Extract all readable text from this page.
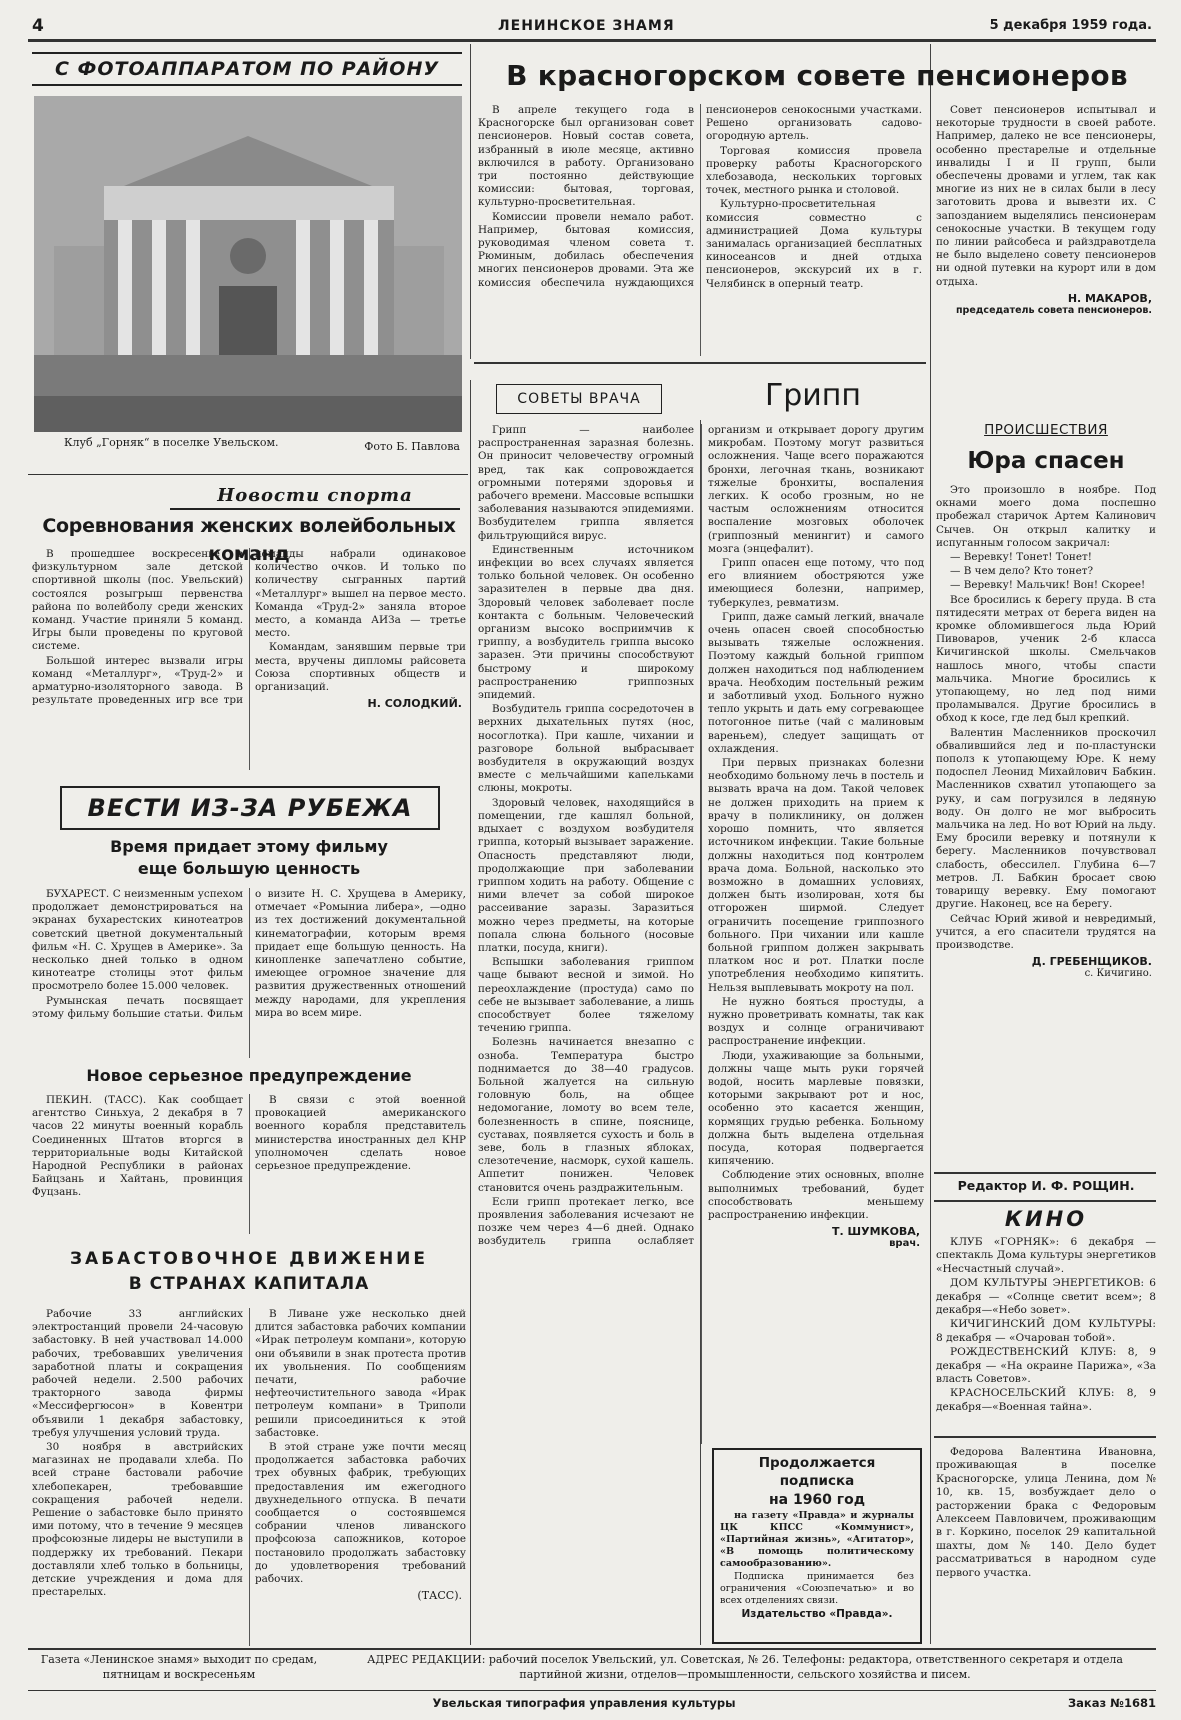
4	ЛЕНИНСКОЕ ЗНАМЯ	5 декабря 1959 года.
С ФОТОАППАРАТОМ ПО РАЙОНУ
Клуб „Горняк“ в поселке Увельском.	Фото Б. Павлова
Новости спорта
Соревнования женских волейбольных команд

В прошедшее воскресенье в физкультурном зале детской спортивной школы (пос. Увельский) состоялся розыгрыш первенства района по волейболу среди женских команд. Участие приняли 5 команд. Игры были проведены по круговой системе.

Большой интерес вызвали игры команд «Металлург», «Труд-2» и арматурно-изоляторного завода. В результате проведенных игр все три команды набрали одинаковое количество очков. И только по количеству сыгранных партий «Металлург» вышел на первое место. Команда «Труд-2» заняла второе место, а команда АИЗа — третье место.

Командам, занявшим первые три места, вручены дипломы райсовета Союза спортивных обществ и организаций.

Н. СОЛОДКИЙ.

ВЕСТИ ИЗ-ЗА РУБЕЖА
Время придает этому фильму еще большую ценность

БУХАРЕСТ. С неизменным успехом продолжает демонстрироваться на экранах бухарестских кинотеатров советский цветной документальный фильм «Н. С. Хрущев в Америке». За несколько дней только в одном кинотеатре столицы этот фильм просмотрело более 15.000 человек.

Румынская печать посвящает этому фильму большие статьи. Фильм о визите Н. С. Хрущева в Америку, отмечает «Ромыниа либера», —одно из тех достижений документальной кинематографии, которым время придает еще большую ценность. На кинопленке запечатлено событие, имеющее огромное значение для развития дружественных отношений между народами, для укрепления мира во всем мире.

Новое серьезное предупреждение

ПЕКИН. (ТАСС). Как сообщает агентство Синьхуа, 2 декабря в 7 часов 22 минуты военный корабль Соединенных Штатов вторгся в территориальные воды Китайской Народной Республики в районах Байцзань и Хайтань, провинция Фуцзань.

В связи с этой военной провокацией американского военного корабля представитель министерства иностранных дел КНР уполномочен сделать новое серьезное предупреждение.

ЗАБАСТОВОЧНОЕ ДВИЖЕНИЕ
В СТРАНАХ КАПИТАЛА

Рабочие 33 английских электростанций провели 24-часовую забастовку. В ней участвовал 14.000 рабочих, требовавших увеличения заработной платы и сокращения рабочей недели. 2.500 рабочих тракторного завода фирмы «Мессифергюсон» в Ковентри объявили 1 декабря забастовку, требуя улучшения условий труда.

30 ноября в австрийских магазинах не продавали хлеба. По всей стране бастовали рабочие хлебопекарен, требовавшие сокращения рабочей недели. Решение о забастовке было принято ими потому, что в течение 9 месяцев профсоюзные лидеры не выступили в поддержку их требований. Пекари доставляли хлеб только в больницы, детские учреждения и дома для престарелых.

В Ливане уже несколько дней длится забастовка рабочих компании «Ирак петролеум компани», которую они объявили в знак протеста против их увольнения. По сообщениям печати, рабочие нефтеочистительного завода «Ирак петролеум компани» в Триполи решили присоединиться к этой забастовке.

В этой стране уже почти месяц продолжается забастовка рабочих трех обувных фабрик, требующих предоставления им ежегодного двухнедельного отпуска. В печати сообщается о состоявшемся собрании членов ливанского профсоюза сапожников, которое постановило продолжать забастовку до удовлетворения требований рабочих.

(ТАСС).

В красногорском совете пенсионеров

В апреле текущего года в Красногорске был организован совет пенсионеров. Новый состав совета, избранный в июле месяце, активно включился в работу. Организовано три постоянно действующие комиссии: бытовая, торговая, культурно-просветительная.

Комиссии провели немало работ. Например, бытовая комиссия, руководимая членом совета т. Рюминым, добилась обеспечения многих пенсионеров дровами. Эта же комиссия обеспечила нуждающихся пенсионеров сенокосными участками. Решено организовать садово-огородную артель.

Торговая комиссия провела проверку работы Красногорского хлебозавода, нескольких торговых точек, местного рынка и столовой.

Культурно-просветительная комиссия совместно с администрацией Дома культуры занималась организацией бесплатных киносеансов и дней отдыха пенсионеров, экскурсий их в г. Челябинск в оперный театр.

Совет пенсионеров испытывал и некоторые трудности в своей работе. Например, далеко не все пенсионеры, особенно престарелые и отдельные инвалиды I и II групп, были обеспечены дровами и углем, так как многие из них не в силах были в лесу заготовить дрова и вывезти их. С запозданием выделялись пенсионерам сенокосные участки. В текущем году по линии райсобеса и райздравотдела не было выделено совету пенсионеров ни одной путевки на курорт или в дом отдыха.

Н. МАКАРОВ,

председатель совета пенсионеров.

СОВЕТЫ ВРАЧА	Грипп

Грипп — наиболее распространенная заразная болезнь. Он приносит человечеству огромный вред, так как сопровождается огромными потерями здоровья и рабочего времени. Массовые вспышки заболевания называются эпидемиями. Возбудителем гриппа является фильтрующийся вирус.

Единственным источником инфекции во всех случаях является только больной человек. Он особенно заразителен в первые два дня. Здоровый человек заболевает после контакта с больным. Человеческий организм высоко восприимчив к гриппу, а возбудитель гриппа высоко заразен. Эти причины способствуют быстрому и широкому распространению гриппозных эпидемий.

Возбудитель гриппа сосредоточен в верхних дыхательных путях (нос, носоглотка). При кашле, чихании и разговоре больной выбрасывает возбудителя в окружающий воздух вместе с мельчайшими капельками слюны, мокроты.

Здоровый человек, находящийся в помещении, где кашлял больной, вдыхает с воздухом возбудителя гриппа, который вызывает заражение. Опасность представляют люди, продолжающие при заболевании гриппом ходить на работу. Общение с ними влечет за собой широкое рассеивание заразы. Заразиться можно через предметы, на которые попала слюна больного (носовые платки, посуда, книги).

Вспышки заболевания гриппом чаще бывают весной и зимой. Но переохлаждение (простуда) само по себе не вызывает заболевание, а лишь способствует более тяжелому течению гриппа.

Болезнь начинается внезапно с озноба. Температура быстро поднимается до 38—40 градусов. Больной жалуется на сильную головную боль, на общее недомогание, ломоту во всем теле, болезненность в спине, пояснице, суставах, появляется сухость и боль в зеве, боль в глазных яблоках, слезотечение, насморк, сухой кашель. Аппетит понижен. Человек становится очень раздражительным.

Если грипп протекает легко, все проявления заболевания исчезают не позже чем через 4—6 дней. Однако возбудитель гриппа ослабляет организм и открывает дорогу другим микробам. Поэтому могут развиться осложнения. Чаще всего поражаются бронхи, легочная ткань, возникают тяжелые бронхиты, воспаления легких. К особо грозным, но не частым осложнениям относится воспаление мозговых оболочек (гриппозный менингит) и самого мозга (энцефалит).

Грипп опасен еще потому, что под его влиянием обостряются уже имеющиеся болезни, например, туберкулез, ревматизм.

Грипп, даже самый легкий, вначале очень опасен своей способностью вызывать тяжелые осложнения. Поэтому каждый больной гриппом должен находиться под наблюдением врача. Необходим постельный режим и заботливый уход. Больного нужно тепло укрыть и дать ему согревающее потогонное питье (чай с малиновым вареньем), следует защищать от охлаждения.

При первых признаках болезни необходимо больному лечь в постель и вызвать врача на дом. Такой человек не должен приходить на прием к врачу в поликлинику, он должен хорошо помнить, что является источником инфекции. Такие больные должны находиться под контролем врача дома. Больной, насколько это возможно в домашних условиях, должен быть изолирован, хотя бы отгорожен ширмой. Следует ограничить посещение гриппозного больного. При чихании или кашле больной гриппом должен закрывать платком нос и рот. Платки после употребления необходимо кипятить. Нельзя выплевывать мокроту на пол.

Не нужно бояться простуды, а нужно проветривать комнаты, так как воздух и солнце ограничивают распространение инфекции.

Люди, ухаживающие за больными, должны чаще мыть руки горячей водой, носить марлевые повязки, которыми закрывают рот и нос, особенно это касается женщин, кормящих грудью ребенка. Больному должна быть выделена отдельная посуда, которая подвергается кипячению.

Соблюдение этих основных, вполне выполнимых требований, будет способствовать меньшему распространению инфекции.

Т. ШУМКОВА,

врач.

Продолжается подписка
на 1960 год

на газету «Правда» и журналы ЦК КПСС «Коммунист», «Партийная жизнь», «Агитатор», «В помощь политическому самообразованию».

Подписка принимается без ограничения «Союзпечатью» и во всех отделениях связи.

Издательство «Правда».
ПРОИСШЕСТВИЯ
Юра спасен

Это произошло в ноябре. Под окнами моего дома поспешно пробежал старичок Артем Калинович Сычев. Он открыл калитку и испуганным голосом закричал:

— Веревку! Тонет! Тонет!

— В чем дело? Кто тонет?

— Веревку! Мальчик! Вон! Скорее!

Все бросились к берегу пруда. В ста пятидесяти метрах от берега виден на кромке обломившегося льда Юрий Пивоваров, ученик 2-б класса Кичигинской школы. Смельчаков нашлось много, чтобы спасти мальчика. Многие бросились к утопающему, но лед под ними проламывался. Другие бросились в обход к косе, где лед был крепкий.

Валентин Масленников проскочил обвалившийся лед и по-пластунски пополз к утопающему Юре. К нему подоспел Леонид Михайлович Бабкин. Масленников схватил утопающего за руку, и сам погрузился в ледяную воду. Он долго не мог выбросить мальчика на лед. Но вот Юрий на льду. Ему бросили веревку и потянули к берегу. Масленников почувствовал слабость, обессилел. Глубина 6—7 метров. Л. Бабкин бросает свою товарищу веревку. Ему помогают другие. Наконец, все на берегу.

Сейчас Юрий живой и невредимый, учится, а его спасители трудятся на производстве.

Д. ГРЕБЕНЩИКОВ.

с. Кичигино.

Редактор И. Ф. РОЩИН.
КИНО

КЛУБ «ГОРНЯК»: 6 декабря — спектакль Дома культуры энергетиков «Несчастный случай».

ДОМ КУЛЬТУРЫ ЭНЕРГЕТИКОВ: 6 декабря — «Солнце светит всем»; 8 декабря—«Небо зовет».

КИЧИГИНСКИЙ ДОМ КУЛЬТУРЫ: 8 декабря — «Очарован тобой».

РОЖДЕСТВЕНСКИЙ КЛУБ: 8, 9 декабря — «На окраине Парижа», «За власть Советов».

КРАСНОСЕЛЬСКИЙ КЛУБ: 8, 9 декабря—«Военная тайна».

Федорова Валентина Ивановна, проживающая в поселке Красногорске, улица Ленина, дом № 10, кв. 15, возбуждает дело о расторжении брака с Федоровым Алексеем Павловичем, проживающим в г. Коркино, поселок 29 капитальной шахты, дом № 140. Дело будет рассматриваться в народном суде первого участка.

Газета «Ленинское знамя» выходит по средам, пятницам и воскресеньям
АДРЕС РЕДАКЦИИ: рабочий поселок Увельский, ул. Советская, № 26. Телефоны: редактора, ответственного секретаря и отдела партийной жизни, отделов—промышленности, сельского хозяйства и писем.
Увельская типография управления культуры	Заказ №1681
